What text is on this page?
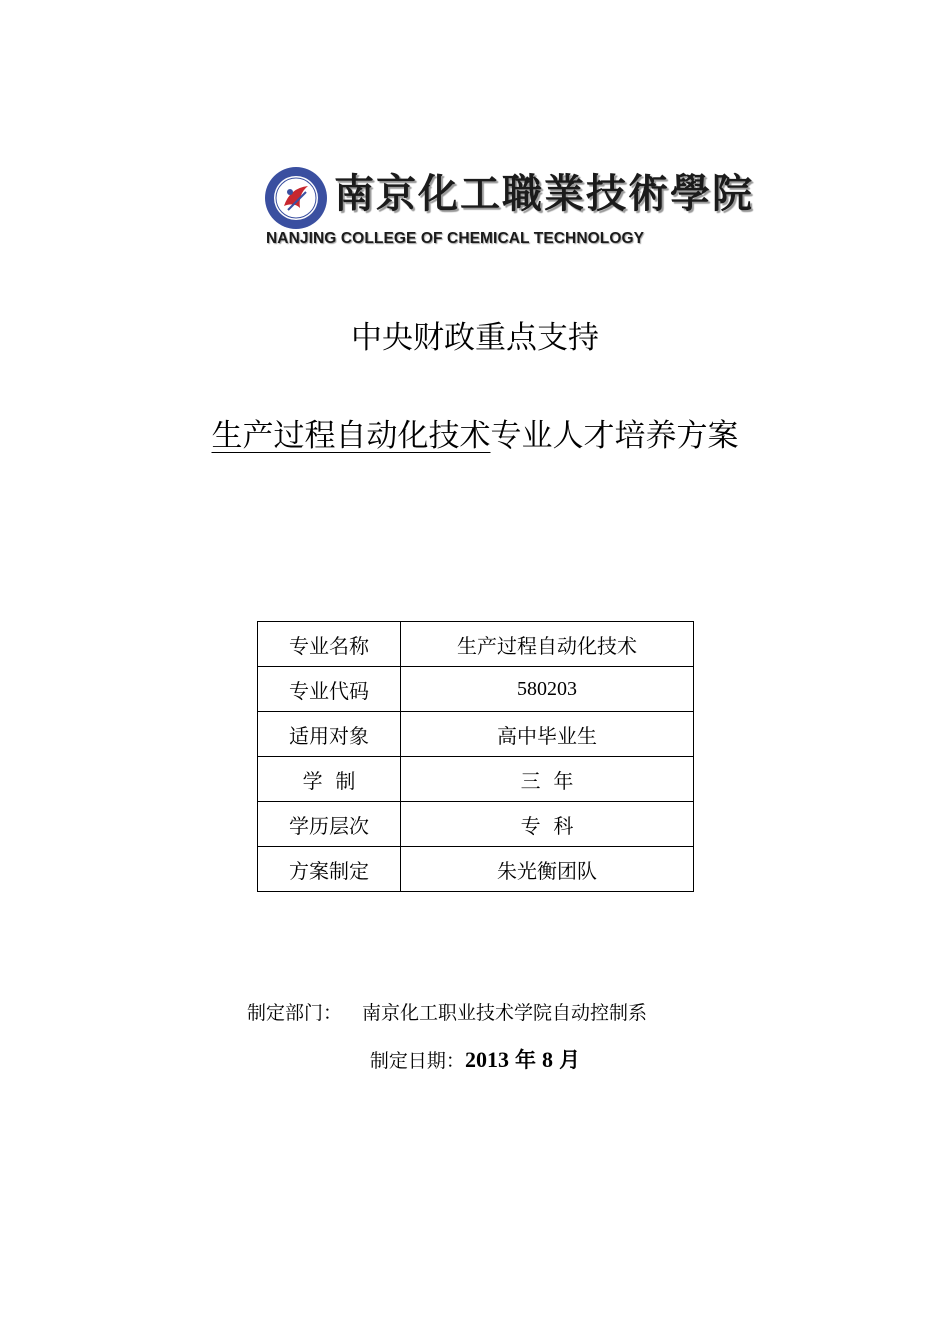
南京化工職業技術學院
NANJING COLLEGE OF CHEMICAL TECHNOLOGY
中央财政重点支持
生产过程自动化技术专业人才培养方案
专业名称	生产过程自动化技术
专业代码	580203
适用对象	高中毕业生
学  制	三  年
学历层次	专  科
方案制定	朱光衡团队
制定部门： 南京化工职业技术学院自动控制系
制定日期：2013 年 8 月
